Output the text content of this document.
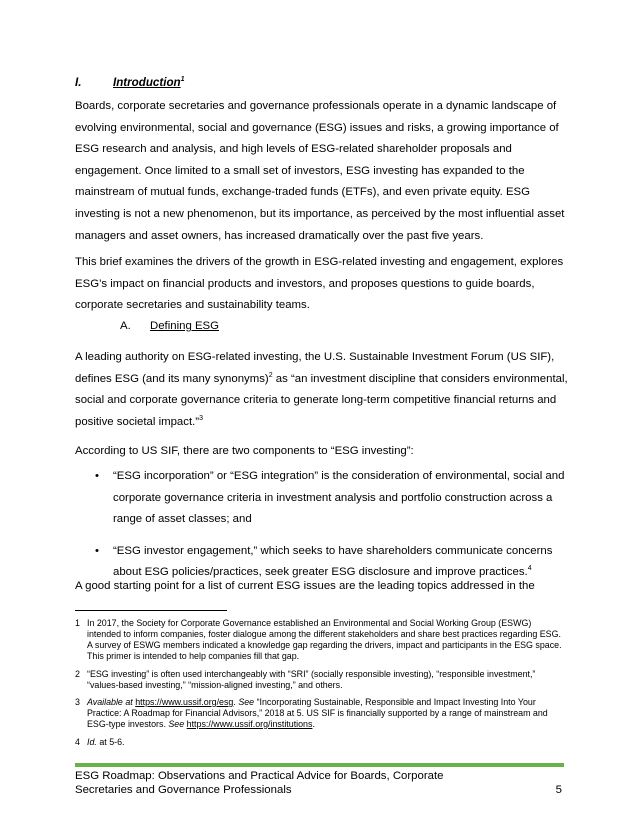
I.	Introduction$^1$
Boards, corporate secretaries and governance professionals operate in a dynamic landscape of evolving environmental, social and governance (ESG) issues and risks, a growing importance of ESG research and analysis, and high levels of ESG-related shareholder proposals and engagement. Once limited to a small set of investors, ESG investing has expanded to the mainstream of mutual funds, exchange-traded funds (ETFs), and even private equity. ESG investing is not a new phenomenon, but its importance, as perceived by the most influential asset managers and asset owners, has increased dramatically over the past five years.
This brief examines the drivers of the growth in ESG-related investing and engagement, explores ESG’s impact on financial products and investors, and proposes questions to guide boards, corporate secretaries and sustainability teams.
A. Defining ESG
A leading authority on ESG-related investing, the U.S. Sustainable Investment Forum (US SIF), defines ESG (and its many synonyms)$^2$ as “an investment discipline that considers environmental, social and corporate governance criteria to generate long-term competitive financial returns and positive societal impact.”$^3$
According to US SIF, there are two components to “ESG investing”:
• “ESG incorporation” or “ESG integration” is the consideration of environmental, social and corporate governance criteria in investment analysis and portfolio construction across a range of asset classes; and
• “ESG investor engagement,” which seeks to have shareholders communicate concerns about ESG policies/practices, seek greater ESG disclosure and improve practices.$^4$
A good starting point for a list of current ESG issues are the leading topics addressed in the
1 In 2017, the Society for Corporate Governance established an Environmental and Social Working Group (ESWG) intended to inform companies, foster dialogue among the different stakeholders and share best practices regarding ESG. A survey of ESWG members indicated a knowledge gap regarding the drivers, impact and participants in the ESG space. This primer is intended to help companies fill that gap.
2 “ESG investing” is often used interchangeably with “SRI” (socially responsible investing), “responsible investment,” “values-based investing,” “mission-aligned investing,” and others.
3 Available at https://www.ussif.org/esg. See “Incorporating Sustainable, Responsible and Impact Investing Into Your Practice: A Roadmap for Financial Advisors,” 2018 at 5. US SIF is financially supported by a range of mainstream and ESG-type investors. See https://www.ussif.org/institutions.
4 Id. at 5-6.
ESG Roadmap: Observations and Practical Advice for Boards, Corporate Secretaries and Governance Professionals	5
